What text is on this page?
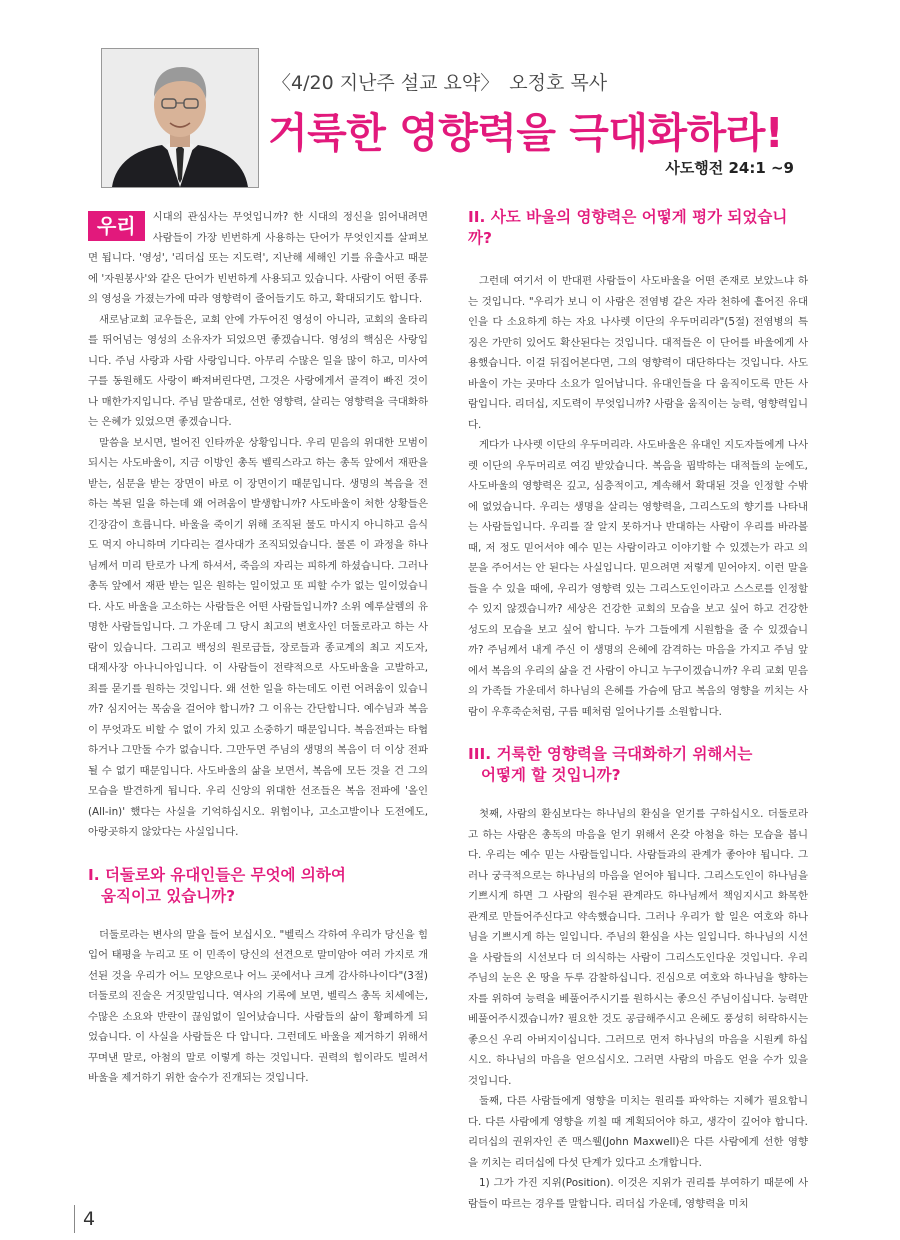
〈4/20 지난주 설교 요약〉 오정호 목사
거룩한 영향력을 극대화하라!
사도행전 24:1 ~9

우리	시대의 관심사는 무엇입니까? 한 시대의 정신을 읽어내려면 사람들이 가장 빈번하게 사용하는 단어가 무엇인지를 살펴보면 됩니다. '영성', '리더십 또는 지도력', 지난해 세해인 기를 유출사고 때문에 '자원봉사'와 같은 단어가 빈번하게 사용되고 있습니다. 사람이 어떤 종류의 영성을 가졌는가에 따라 영향력이 줄어들기도 하고, 확대되기도 합니다.

새로남교회 교우들은, 교회 안에 가두어진 영성이 아니라, 교회의 울타리를 뛰어넘는 영성의 소유자가 되었으면 좋겠습니다. 영성의 핵심은 사랑입니다. 주님 사랑과 사람 사랑입니다. 아무리 수많은 일을 많이 하고, 미사여구를 동원해도 사랑이 빠져버린다면, 그것은 사랑에게서 골격이 빠진 것이나 매한가지입니다. 주님 말씀대로, 선한 영향력, 살리는 영향력을 극대화하는 은혜가 있었으면 좋겠습니다.

말씀을 보시면, 벌어진 인타까운 상황입니다. 우리 믿음의 위대한 모범이 되시는 사도바울이, 지금 이방인 총독 벨릭스라고 하는 총독 앞에서 재판을 받는, 심문을 받는 장면이 바로 이 장면이기 때문입니다. 생명의 복음을 전하는 복된 일을 하는데 왜 어려움이 발생합니까? 사도바울이 처한 상황들은 긴장감이 흐릅니다. 바울을 죽이기 위해 조직된 물도 마시지 아니하고 음식도 먹지 아니하며 기다리는 결사대가 조직되었습니다. 물론 이 과정을 하나님께서 미리 탄로가 나게 하셔서, 죽음의 자리는 피하게 하셨습니다. 그러나 총독 앞에서 재판 받는 일은 원하는 일이었고 또 피할 수가 없는 일이었습니다. 사도 바울을 고소하는 사람들은 어떤 사람들입니까? 소위 예루살렘의 유명한 사람들입니다. 그 가운데 그 당시 최고의 변호사인 더둘로라고 하는 사람이 있습니다. 그리고 백성의 원로급들, 장로들과 종교계의 최고 지도자, 대제사장 아나니아입니다. 이 사람들이 전략적으로 사도바울을 고발하고, 죄를 묻기를 원하는 것입니다. 왜 선한 일을 하는데도 이런 어려움이 있습니까? 심지어는 목숨을 걸어야 합니까? 그 이유는 간단합니다. 예수님과 복음이 무엇과도 비할 수 없이 가치 있고 소중하기 때문입니다. 복음전파는 타협하거나 그만둘 수가 없습니다. 그만두면 주님의 생명의 복음이 더 이상 전파될 수 없기 때문입니다. 사도바울의 삶을 보면서, 복음에 모든 것을 건 그의 모습을 발견하게 됩니다. 우리 신앙의 위대한 선조들은 복음 전파에 '올인(All-in)' 했다는 사실을 기억하십시오. 위험이나, 고소고발이나 도전에도, 아랑곳하지 않았다는 사실입니다.

I. 더둘로와 유대인들은 무엇에 의하여
움직이고 있습니까?

더둘로라는 변사의 말을 들어 보십시오. "벨릭스 각하여 우리가 당신을 힘입어 태평을 누리고 또 이 민족이 당신의 선견으로 말미암아 여러 가지로 개선된 것을 우리가 어느 모양으로나 어느 곳에서나 크게 감사하나이다"(3절) 더둘로의 진술은 거짓말입니다. 역사의 기록에 보면, 벨릭스 총독 치세에는, 수많은 소요와 반란이 끊임없이 일어났습니다. 사람들의 삶이 황폐하게 되었습니다. 이 사실을 사람들은 다 압니다. 그런데도 바울을 제거하기 위해서 꾸며낸 말로, 아첨의 말로 이렇게 하는 것입니다. 권력의 힘이라도 빌려서 바울을 제거하기 위한 술수가 진개되는 것입니다.

II. 사도 바울의 영향력은 어떻게 평가 되었습니까?

그런데 여기서 이 반대편 사람들이 사도바울을 어떤 존재로 보았느냐 하는 것입니다. "우리가 보니 이 사람은 전염병 같은 자라 천하에 흩어진 유대인을 다 소요하게 하는 자요 나사렛 이단의 우두머리라"(5절) 전염병의 특징은 가만히 있어도 확산된다는 것입니다. 대적들은 이 단어를 바울에게 사용했습니다. 이걸 뒤집어본다면, 그의 영향력이 대단하다는 것입니다. 사도바울이 가는 곳마다 소요가 일어납니다. 유대인들을 다 움직이도록 만든 사람입니다. 리더십, 지도력이 무엇입니까? 사람을 움직이는 능력, 영향력입니다.

게다가 나사렛 이단의 우두머리라. 사도바울은 유대인 지도자들에게 나사렛 이단의 우두머리로 여김 받았습니다. 복음을 핍박하는 대적들의 눈에도, 사도바울의 영향력은 깊고, 심층적이고, 계속해서 확대된 것을 인정할 수밖에 없었습니다. 우리는 생명을 살리는 영향력을, 그리스도의 향기를 나타내는 사람들입니다. 우리를 잘 알지 못하거나 반대하는 사람이 우리를 바라볼 때, 저 정도 믿어서야 예수 믿는 사람이라고 이야기할 수 있겠는가 라고 의문을 주어서는 안 된다는 사실입니다. 믿으려면 저렇게 믿어야지. 이런 말을 들을 수 있을 때에, 우리가 영향력 있는 그리스도인이라고 스스로를 인정할 수 있지 않겠습니까? 세상은 건강한 교회의 모습을 보고 싶어 하고 건강한 성도의 모습을 보고 싶어 합니다. 누가 그들에게 시원함을 줄 수 있겠습니까? 주님께서 내게 주신 이 생명의 은혜에 감격하는 마음을 가지고 주님 앞에서 복음의 우리의 삶을 건 사람이 아니고 누구이겠습니까? 우리 교회 믿음의 가족들 가운데서 하나님의 은혜를 가슴에 담고 복음의 영향을 끼치는 사람이 우후죽순처럼, 구름 떼처럼 일어나기를 소원합니다.

III. 거룩한 영향력을 극대화하기 위해서는
어떻게 할 것입니까?

첫째, 사람의 환심보다는 하나님의 환심을 얻기를 구하십시오. 더둘로라고 하는 사람은 총독의 마음을 얻기 위해서 온갖 아첨을 하는 모습을 봅니다. 우리는 예수 믿는 사람들입니다. 사람들과의 관계가 좋아야 됩니다. 그러나 궁극적으로는 하나님의 마음을 얻어야 됩니다. 그리스도인이 하나님을 기쁘시게 하면 그 사람의 원수된 관계라도 하나님께서 책임지시고 화목한 관계로 만들어주신다고 약속했습니다. 그러나 우리가 할 일은 여호와 하나님을 기쁘시게 하는 일입니다. 주님의 환심을 사는 일입니다. 하나님의 시선을 사람들의 시선보다 더 의식하는 사람이 그리스도인다운 것입니다. 우리 주님의 눈은 온 땅을 두루 감찰하십니다. 진심으로 여호와 하나님을 향하는 자를 위하여 능력을 베풀어주시기를 원하시는 좋으신 주님이십니다. 능력만 베풀어주시겠습니까? 필요한 것도 공급해주시고 은혜도 풍성히 허락하시는 좋으신 우리 아버지이십니다. 그러므로 먼저 하나님의 마음을 시원케 하십시오. 하나님의 마음을 얻으십시오. 그러면 사람의 마음도 얻을 수가 있을 것입니다.

둘째, 다른 사람들에게 영향을 미치는 원리를 파악하는 지혜가 필요합니다. 다른 사람에게 영향을 끼칠 때 계획되어야 하고, 생각이 깊어야 합니다. 리더십의 권위자인 존 맥스웰(John Maxwell)은 다른 사람에게 선한 영향을 끼치는 리더십에 다섯 단계가 있다고 소개합니다.

1) 그가 가진 지위(Position). 이것은 지위가 권리를 부여하기 때문에 사람들이 따르는 경우를 말합니다. 리더십 가운데, 영향력을 미치

4
